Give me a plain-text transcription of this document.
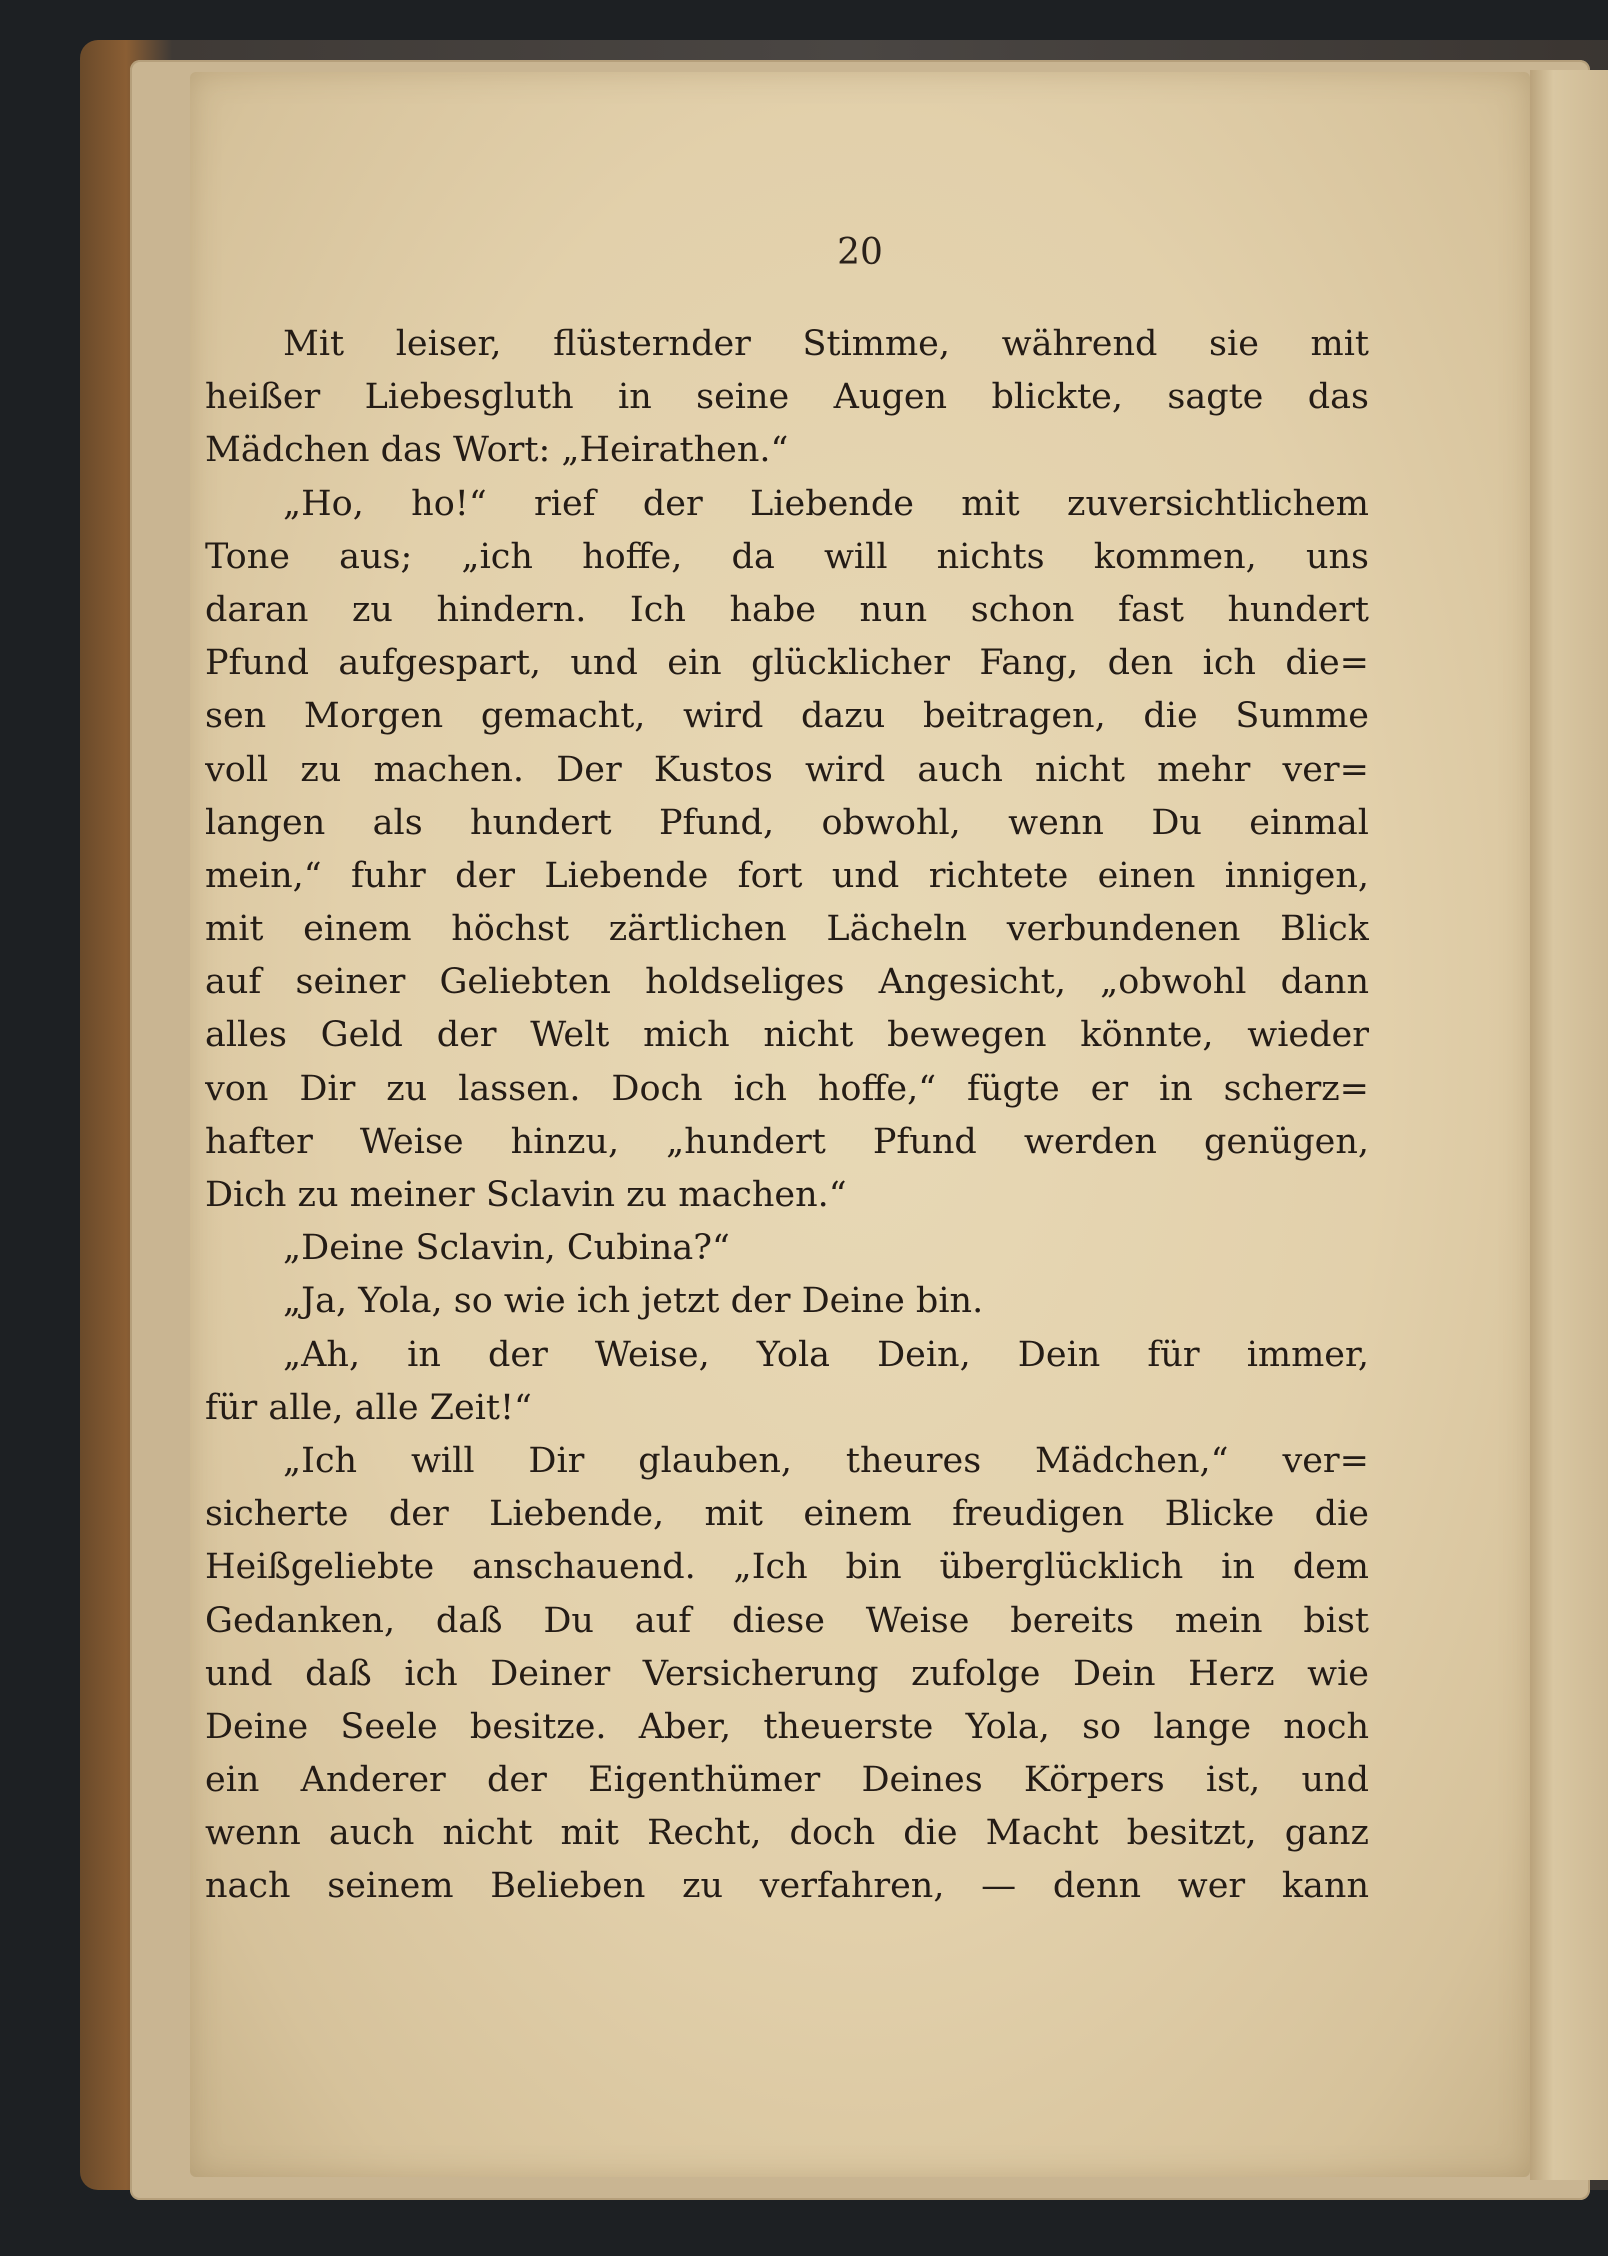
20
Mit leiser, flüsternder Stimme, während sie mit
heißer Liebesgluth in seine Augen blickte, sagte das
Mädchen das Wort: „Heirathen.“
„Ho, ho!“ rief der Liebende mit zuversichtlichem
Tone aus; „ich hoffe, da will nichts kommen, uns
daran zu hindern. Ich habe nun schon fast hundert
Pfund aufgespart, und ein glücklicher Fang, den ich die=
sen Morgen gemacht, wird dazu beitragen, die Summe
voll zu machen. Der Kustos wird auch nicht mehr ver=
langen als hundert Pfund, obwohl, wenn Du einmal
mein,“ fuhr der Liebende fort und richtete einen innigen,
mit einem höchst zärtlichen Lächeln verbundenen Blick
auf seiner Geliebten holdseliges Angesicht, „obwohl dann
alles Geld der Welt mich nicht bewegen könnte, wieder
von Dir zu lassen. Doch ich hoffe,“ fügte er in scherz=
hafter Weise hinzu, „hundert Pfund werden genügen,
Dich zu meiner Sclavin zu machen.“
„Deine Sclavin, Cubina?“
„Ja, Yola, so wie ich jetzt der Deine bin.
„Ah, in der Weise, Yola Dein, Dein für immer,
für alle, alle Zeit!“
„Ich will Dir glauben, theures Mädchen,“ ver=
sicherte der Liebende, mit einem freudigen Blicke die
Heißgeliebte anschauend. „Ich bin überglücklich in dem
Gedanken, daß Du auf diese Weise bereits mein bist
und daß ich Deiner Versicherung zufolge Dein Herz wie
Deine Seele besitze. Aber, theuerste Yola, so lange noch
ein Anderer der Eigenthümer Deines Körpers ist, und
wenn auch nicht mit Recht, doch die Macht besitzt, ganz
nach seinem Belieben zu verfahren, — denn wer kann
